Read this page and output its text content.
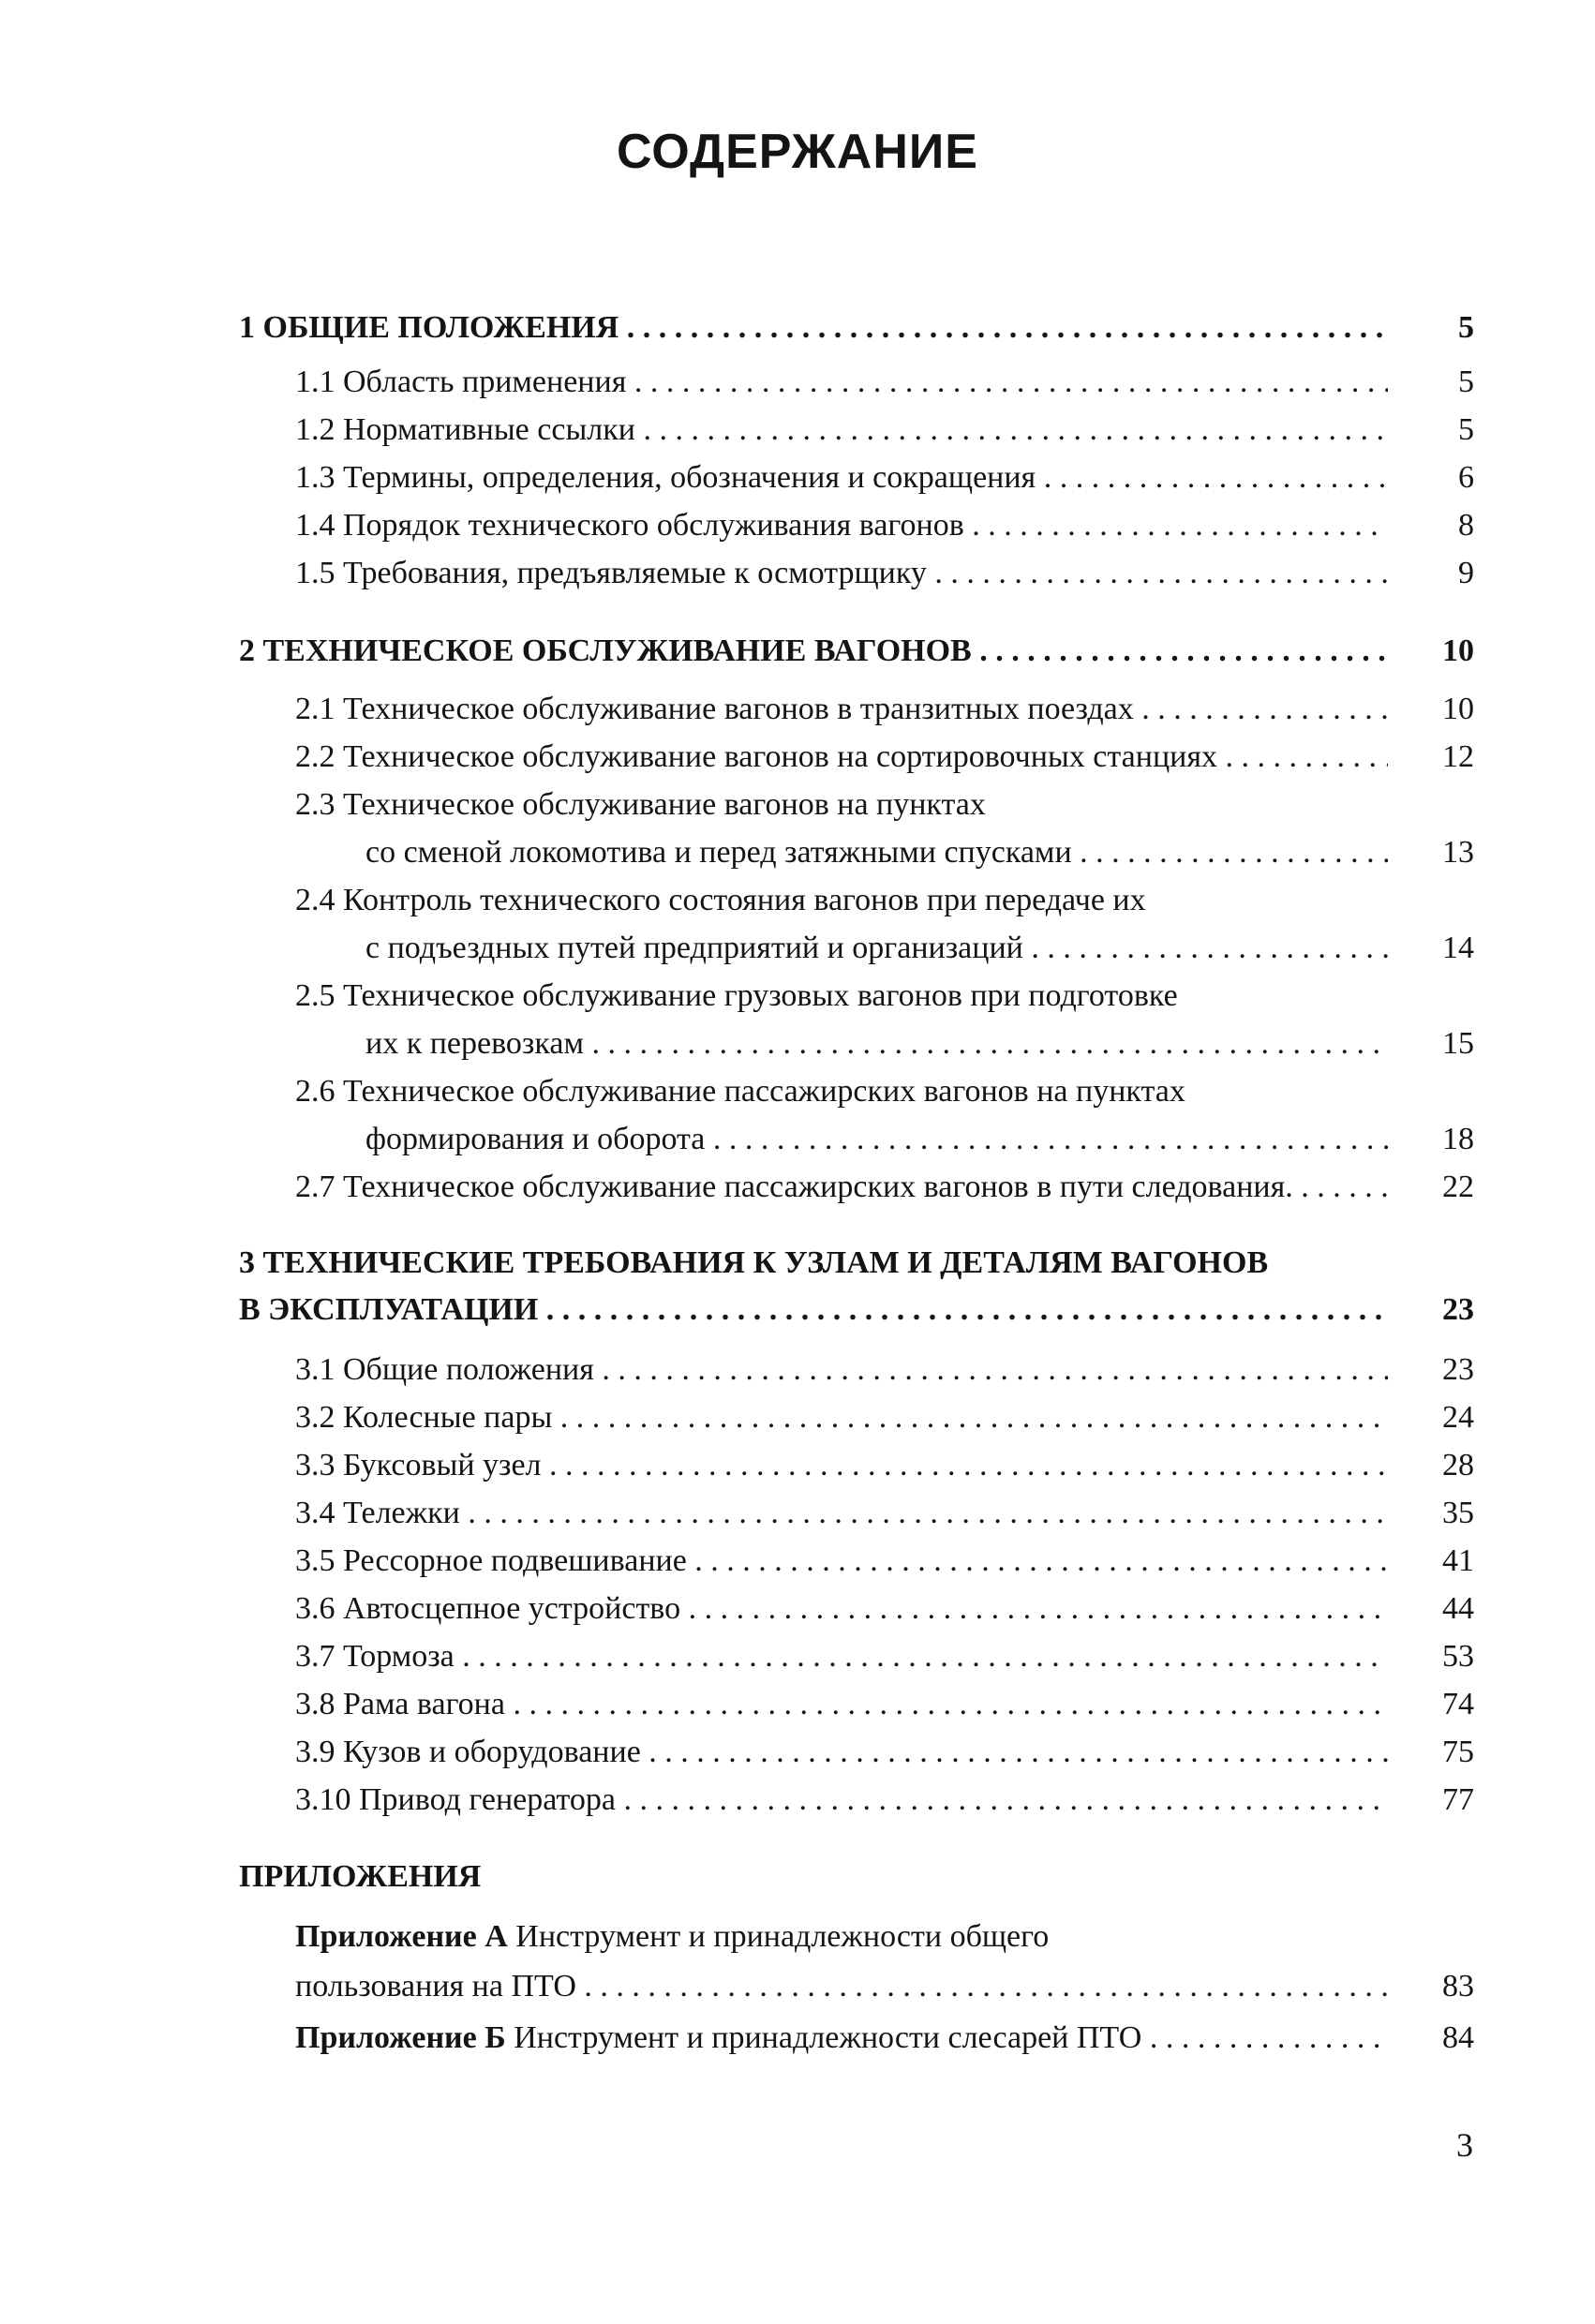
СОДЕРЖАНИЕ
1 ОБЩИЕ ПОЛОЖЕНИЯ . . .	5
1.1 Область применения . . .	5
1.2 Нормативные ссылки . . .	5
1.3 Термины, определения, обозначения и сокращения . . .	6
1.4 Порядок технического обслуживания вагонов . . .	8
1.5 Требования, предъявляемые к осмотрщику . . .	9
2 ТЕХНИЧЕСКОЕ ОБСЛУЖИВАНИЕ ВАГОНОВ . . .	10
2.1 Техническое обслуживание вагонов в транзитных поездах . . .	10
2.2 Техническое обслуживание вагонов на сортировочных станциях . . .	12
2.3 Техническое обслуживание вагонов на пунктах
со сменой локомотива и перед затяжными спусками . . .	13
2.4 Контроль технического состояния вагонов при передаче их
с подъездных путей предприятий и организаций . . .	14
2.5 Техническое обслуживание грузовых вагонов при подготовке
их к перевозкам . . .	15
2.6 Техническое обслуживание пассажирских вагонов на пунктах
формирования и оборота . . .	18
2.7 Техническое обслуживание пассажирских вагонов в пути следования. . . .	22
3 ТЕХНИЧЕСКИЕ ТРЕБОВАНИЯ К УЗЛАМ И ДЕТАЛЯМ ВАГОНОВ
В ЭКСПЛУАТАЦИИ . . .	23
3.1 Общие положения . . .	23
3.2 Колесные пары . . .	24
3.3 Буксовый узел . . .	28
3.4 Тележки . . .	35
3.5 Рессорное подвешивание . . .	41
3.6 Автосцепное устройство . . .	44
3.7 Тормоза . . .	53
3.8 Рама вагона . . .	74
3.9 Кузов и оборудование . . .	75
3.10 Привод генератора . . .	77
ПРИЛОЖЕНИЯ
Приложение А Инструмент и принадлежности общего
пользования на ПТО . . .	83
Приложение Б Инструмент и принадлежности слесарей ПТО . . .	84
3
